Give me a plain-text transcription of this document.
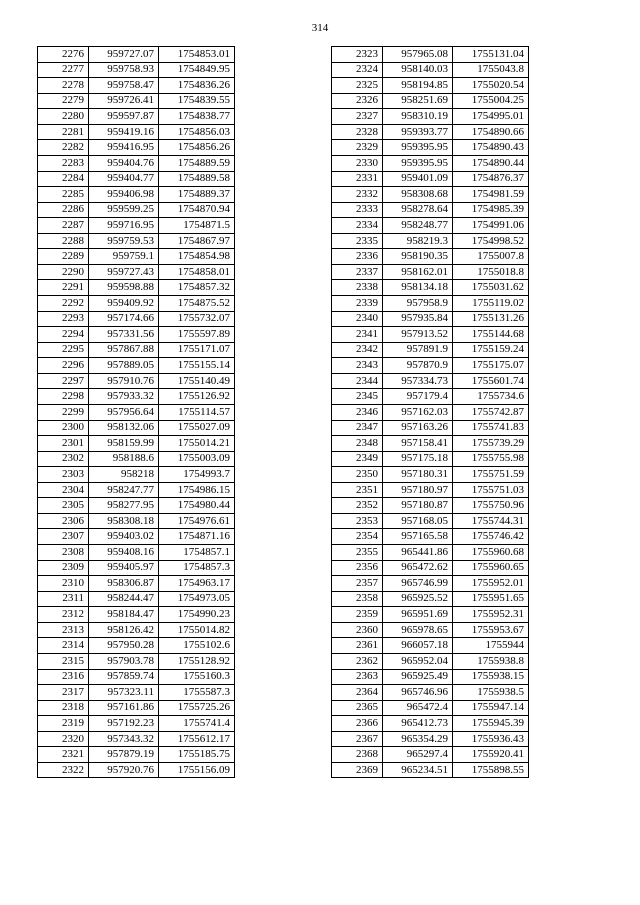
314
2276	959727.07	1754853.01
2277	959758.93	1754849.95
2278	959758.47	1754836.26
2279	959726.41	1754839.55
2280	959597.87	1754838.77
2281	959419.16	1754856.03
2282	959416.95	1754856.26
2283	959404.76	1754889.59
2284	959404.77	1754889.58
2285	959406.98	1754889.37
2286	959599.25	1754870.94
2287	959716.95	1754871.5
2288	959759.53	1754867.97
2289	959759.1	1754854.98
2290	959727.43	1754858.01
2291	959598.88	1754857.32
2292	959409.92	1754875.52
2293	957174.66	1755732.07
2294	957331.56	1755597.89
2295	957867.88	1755171.07
2296	957889.05	1755155.14
2297	957910.76	1755140.49
2298	957933.32	1755126.92
2299	957956.64	1755114.57
2300	958132.06	1755027.09
2301	958159.99	1755014.21
2302	958188.6	1755003.09
2303	958218	1754993.7
2304	958247.77	1754986.15
2305	958277.95	1754980.44
2306	958308.18	1754976.61
2307	959403.02	1754871.16
2308	959408.16	1754857.1
2309	959405.97	1754857.3
2310	958306.87	1754963.17
2311	958244.47	1754973.05
2312	958184.47	1754990.23
2313	958126.42	1755014.82
2314	957950.28	1755102.6
2315	957903.78	1755128.92
2316	957859.74	1755160.3
2317	957323.11	1755587.3
2318	957161.86	1755725.26
2319	957192.23	1755741.4
2320	957343.32	1755612.17
2321	957879.19	1755185.75
2322	957920.76	1755156.09
2323	957965.08	1755131.04
2324	958140.03	1755043.8
2325	958194.85	1755020.54
2326	958251.69	1755004.25
2327	958310.19	1754995.01
2328	959393.77	1754890.66
2329	959395.95	1754890.43
2330	959395.95	1754890.44
2331	959401.09	1754876.37
2332	958308.68	1754981.59
2333	958278.64	1754985.39
2334	958248.77	1754991.06
2335	958219.3	1754998.52
2336	958190.35	1755007.8
2337	958162.01	1755018.8
2338	958134.18	1755031.62
2339	957958.9	1755119.02
2340	957935.84	1755131.26
2341	957913.52	1755144.68
2342	957891.9	1755159.24
2343	957870.9	1755175.07
2344	957334.73	1755601.74
2345	957179.4	1755734.6
2346	957162.03	1755742.87
2347	957163.26	1755741.83
2348	957158.41	1755739.29
2349	957175.18	1755755.98
2350	957180.31	1755751.59
2351	957180.97	1755751.03
2352	957180.87	1755750.96
2353	957168.05	1755744.31
2354	957165.58	1755746.42
2355	965441.86	1755960.68
2356	965472.62	1755960.65
2357	965746.99	1755952.01
2358	965925.52	1755951.65
2359	965951.69	1755952.31
2360	965978.65	1755953.67
2361	966057.18	1755944
2362	965952.04	1755938.8
2363	965925.49	1755938.15
2364	965746.96	1755938.5
2365	965472.4	1755947.14
2366	965412.73	1755945.39
2367	965354.29	1755936.43
2368	965297.4	1755920.41
2369	965234.51	1755898.55
